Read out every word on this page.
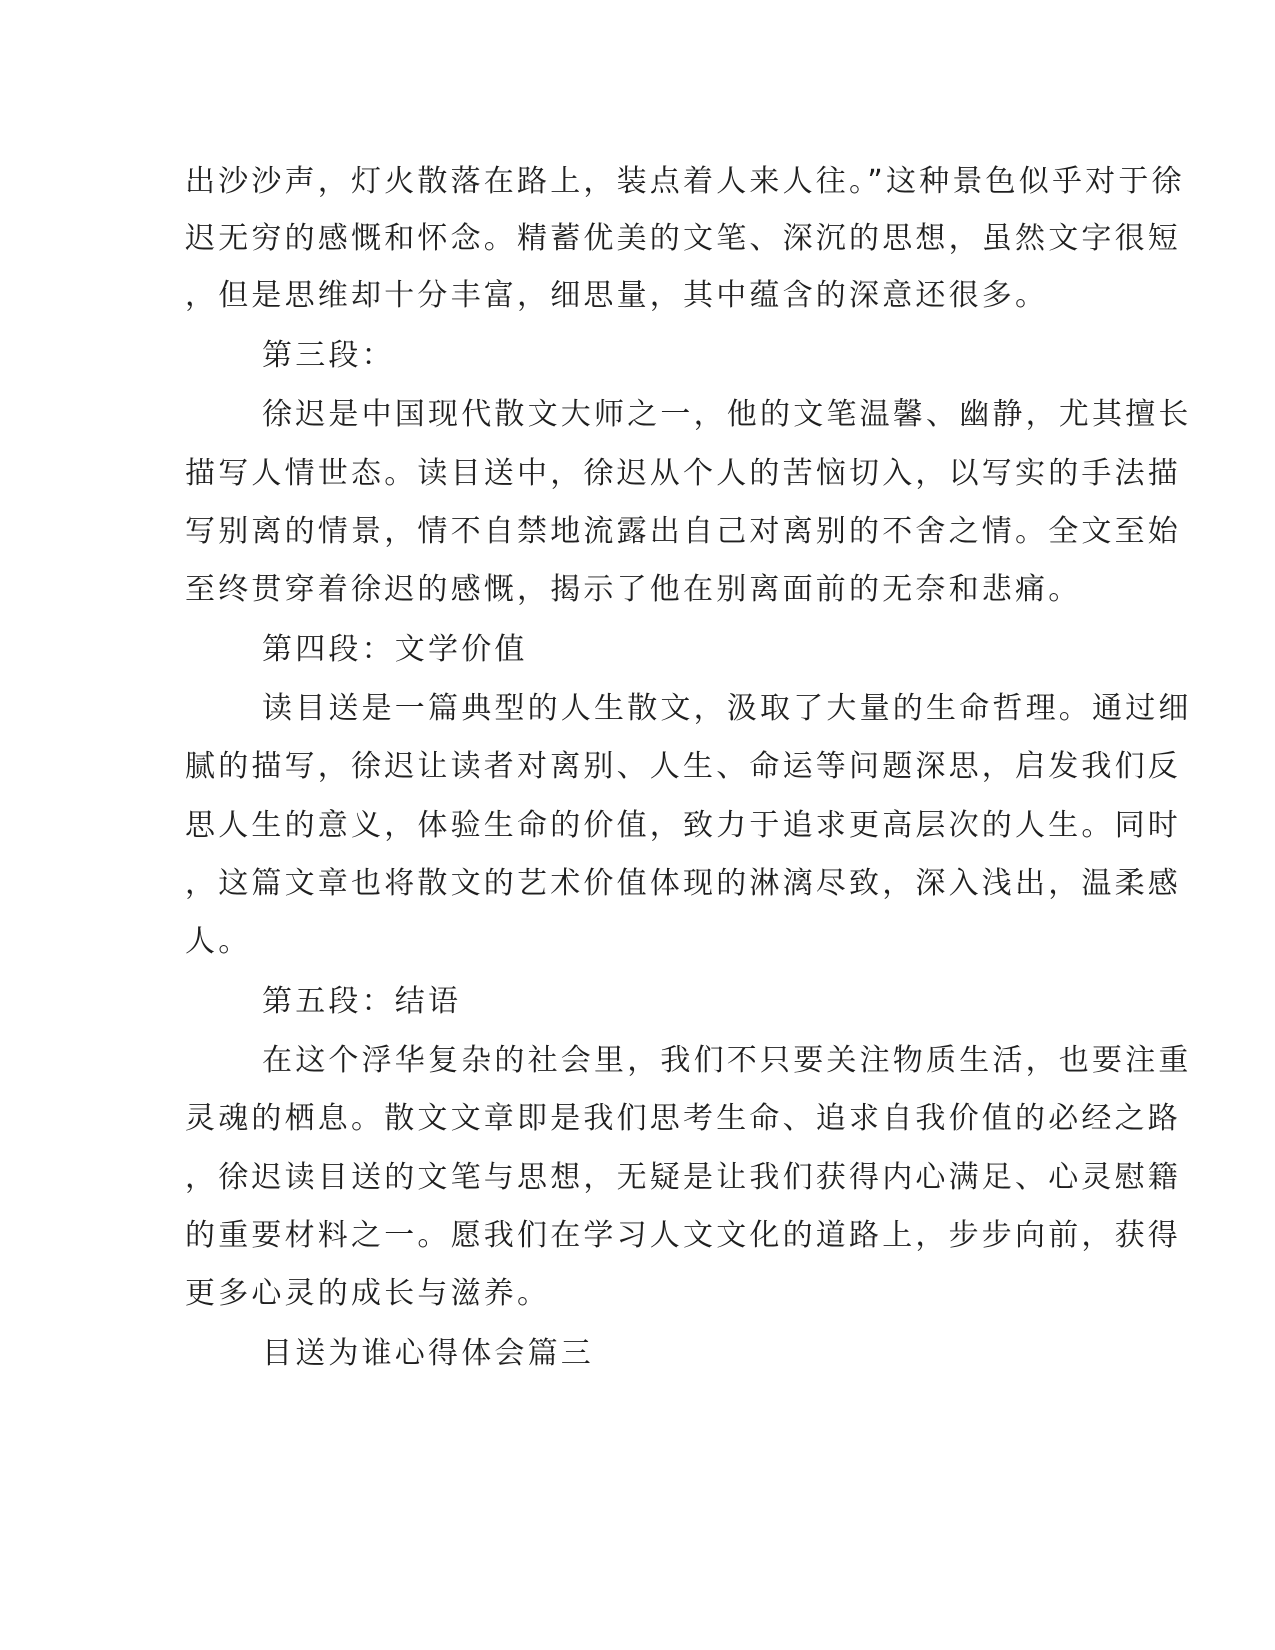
出沙沙声，灯火散落在路上，装点着人来人往。”这种景色似乎对于徐
迟无穷的感慨和怀念。精蓄优美的文笔、深沉的思想，虽然文字很短
，但是思维却十分丰富，细思量，其中蕴含的深意还很多。
第三段：
徐迟是中国现代散文大师之一，他的文笔温馨、幽静，尤其擅长
描写人情世态。读目送中，徐迟从个人的苦恼切入，以写实的手法描
写别离的情景，情不自禁地流露出自己对离别的不舍之情。全文至始
至终贯穿着徐迟的感慨，揭示了他在别离面前的无奈和悲痛。
第四段：文学价值
读目送是一篇典型的人生散文，汲取了大量的生命哲理。通过细
腻的描写，徐迟让读者对离别、人生、命运等问题深思，启发我们反
思人生的意义，体验生命的价值，致力于追求更高层次的人生。同时
，这篇文章也将散文的艺术价值体现的淋漓尽致，深入浅出，温柔感
人。
第五段：结语
在这个浮华复杂的社会里，我们不只要关注物质生活，也要注重
灵魂的栖息。散文文章即是我们思考生命、追求自我价值的必经之路
，徐迟读目送的文笔与思想，无疑是让我们获得内心满足、心灵慰籍
的重要材料之一。愿我们在学习人文文化的道路上，步步向前，获得
更多心灵的成长与滋养。
目送为谁心得体会篇三
